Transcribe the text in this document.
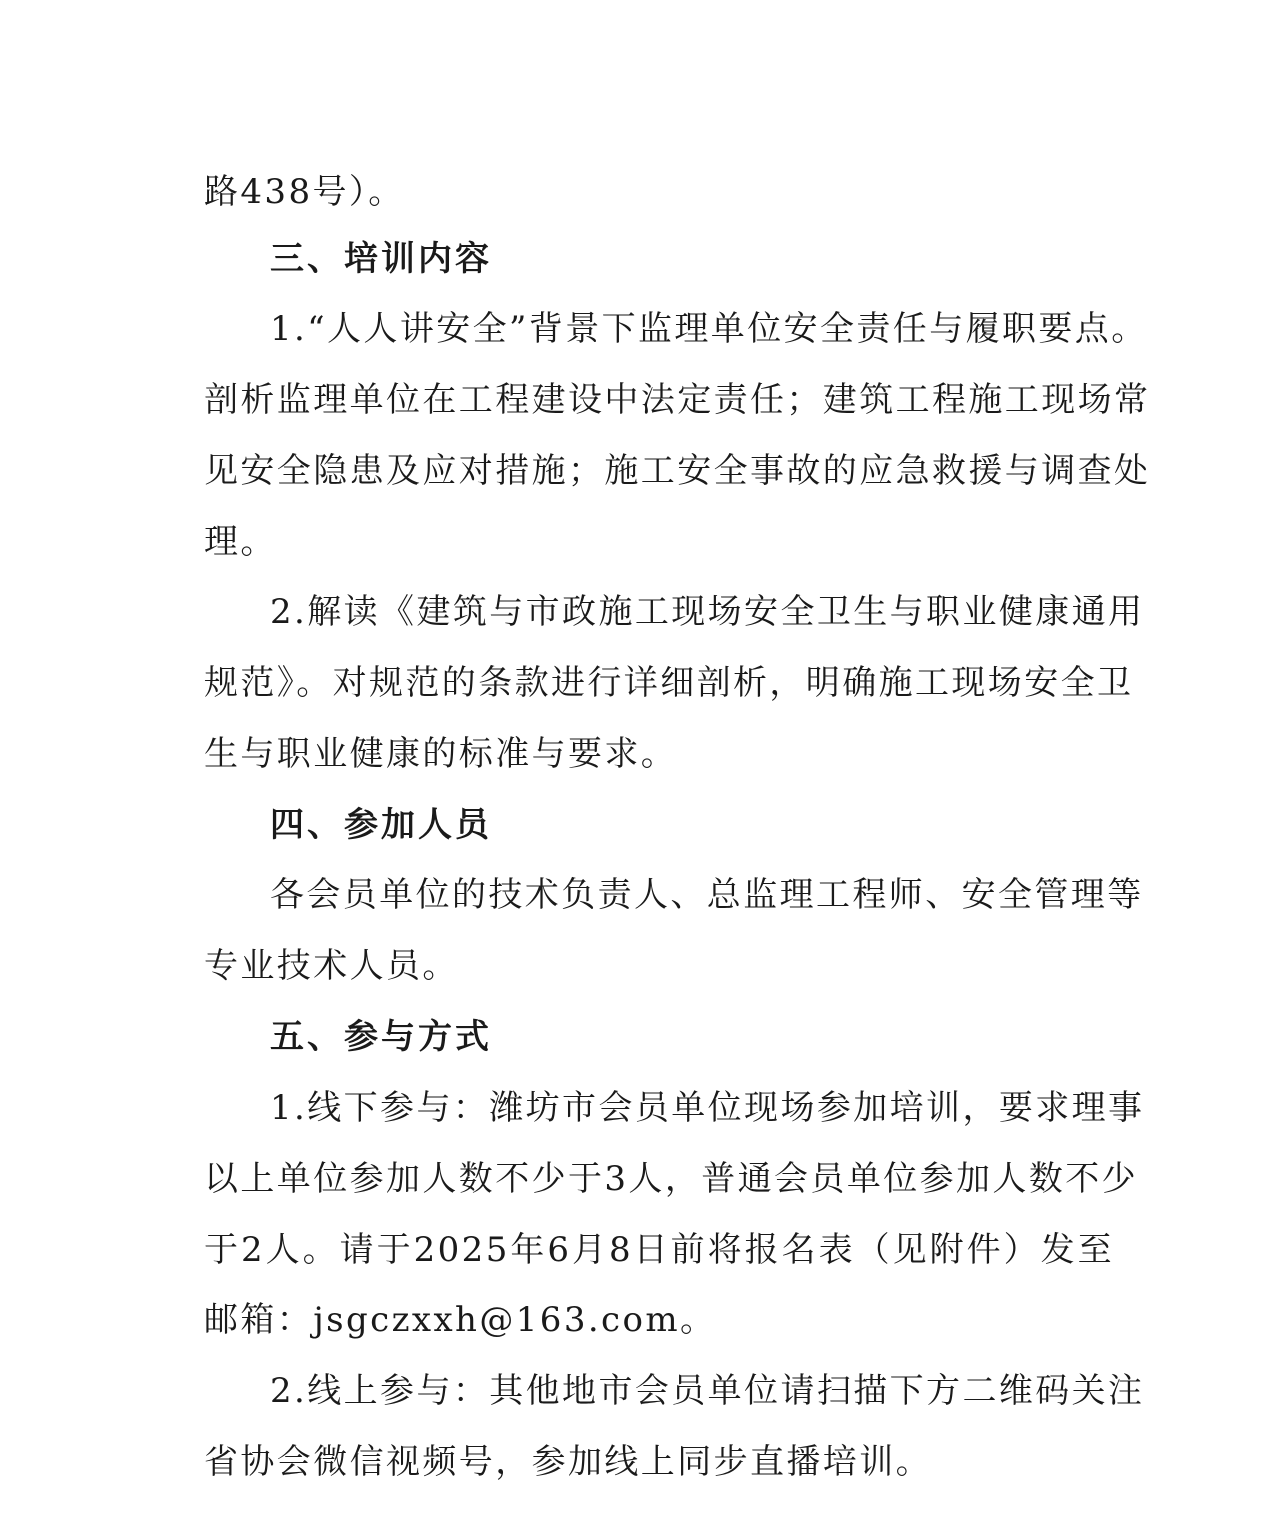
路438号）。
三、培训内容
1.“人人讲安全”背景下监理单位安全责任与履职要点。
剖析监理单位在工程建设中法定责任；建筑工程施工现场常
见安全隐患及应对措施；施工安全事故的应急救援与调查处
理。
2.解读《建筑与市政施工现场安全卫生与职业健康通用
规范》。对规范的条款进行详细剖析，明确施工现场安全卫
生与职业健康的标准与要求。
四、参加人员
各会员单位的技术负责人、总监理工程师、安全管理等
专业技术人员。
五、参与方式
1.线下参与：潍坊市会员单位现场参加培训，要求理事
以上单位参加人数不少于3人，普通会员单位参加人数不少
于2人。请于2025年6月8日前将报名表（见附件）发至
邮箱：jsgczxxh@163.com。
2.线上参与：其他地市会员单位请扫描下方二维码关注
省协会微信视频号，参加线上同步直播培训。
